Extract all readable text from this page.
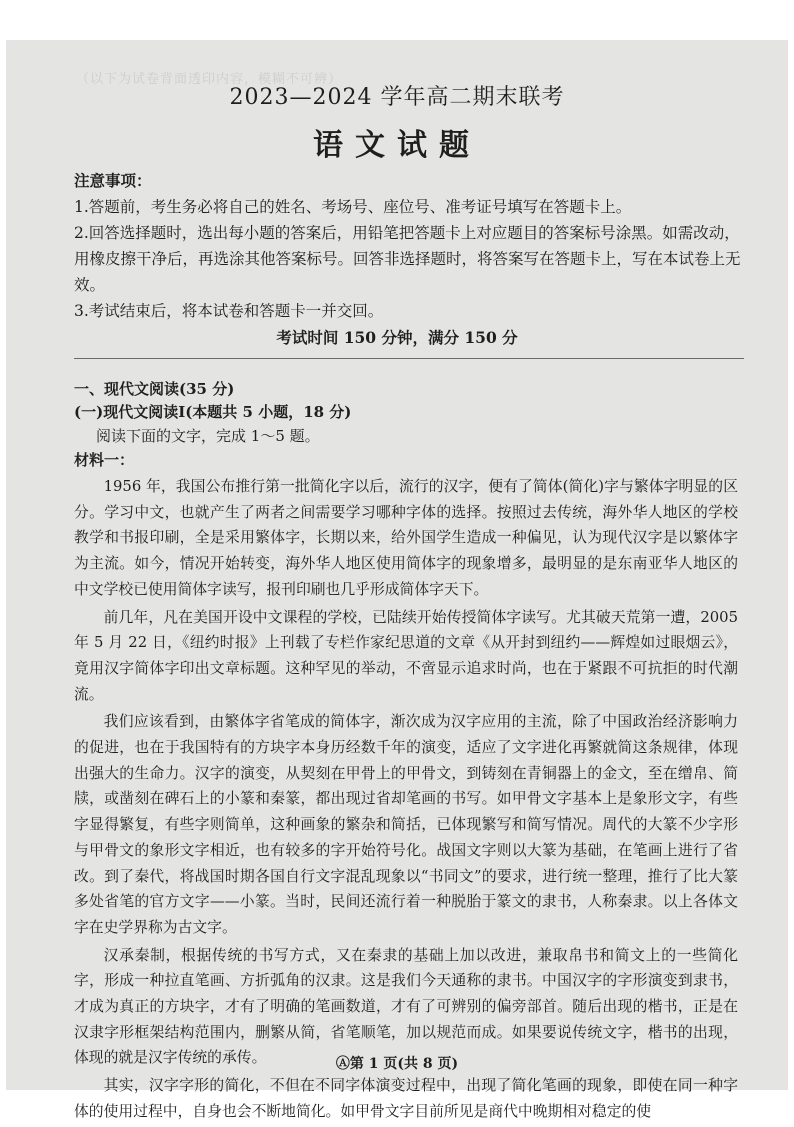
（以下为试卷背面透印内容，模糊不可辨）
2023—2024 学年高二期末联考
语文试题
注意事项：

1.答题前，考生务必将自己的姓名、考场号、座位号、准考证号填写在答题卡上。

2.回答选择题时，选出每小题的答案后，用铅笔把答题卡上对应题目的答案标号涂黑。如需改动，用橡皮擦干净后，再选涂其他答案标号。回答非选择题时，将答案写在答题卡上，写在本试卷上无效。

3.考试结束后，将本试卷和答题卡一并交回。

考试时间 150 分钟，满分 150 分
一、现代文阅读(35 分)
(一)现代文阅读Ⅰ(本题共 5 小题，18 分)
阅读下面的文字，完成 1～5 题。
材料一：

1956 年，我国公布推行第一批简化字以后，流行的汉字，便有了简体(简化)字与繁体字明显的区分。学习中文，也就产生了两者之间需要学习哪种字体的选择。按照过去传统，海外华人地区的学校教学和书报印刷，全是采用繁体字，长期以来，给外国学生造成一种偏见，认为现代汉字是以繁体字为主流。如今，情况开始转变，海外华人地区使用简体字的现象增多，最明显的是东南亚华人地区的中文学校已使用简体字读写，报刊印刷也几乎形成简体字天下。

前几年，凡在美国开设中文课程的学校，已陆续开始传授简体字读写。尤其破天荒第一遭，2005 年 5 月 22 日，《纽约时报》上刊载了专栏作家纪思道的文章《从开封到纽约——辉煌如过眼烟云》，竟用汉字简体字印出文章标题。这种罕见的举动，不啻显示追求时尚，也在于紧跟不可抗拒的时代潮流。

我们应该看到，由繁体字省笔成的简体字，渐次成为汉字应用的主流，除了中国政治经济影响力的促进，也在于我国特有的方块字本身历经数千年的演变，适应了文字进化再繁就简这条规律，体现出强大的生命力。汉字的演变，从契刻在甲骨上的甲骨文，到铸刻在青铜器上的金文，至在缯帛、简牍，或凿刻在碑石上的小篆和秦篆，都出现过省却笔画的书写。如甲骨文字基本上是象形文字，有些字显得繁复，有些字则简单，这种画象的繁杂和简括，已体现繁写和简写情况。周代的大篆不少字形与甲骨文的象形文字相近，也有较多的字开始符号化。战国文字则以大篆为基础，在笔画上进行了省改。到了秦代，将战国时期各国自行文字混乱现象以“书同文”的要求，进行统一整理，推行了比大篆多处省笔的官方文字——小篆。当时，民间还流行着一种脱胎于篆文的隶书，人称秦隶。以上各体文字在史学界称为古文字。

汉承秦制，根据传统的书写方式，又在秦隶的基础上加以改进，兼取帛书和简文上的一些简化字，形成一种拉直笔画、方折弧角的汉隶。这是我们今天通称的隶书。中国汉字的字形演变到隶书，才成为真正的方块字，才有了明确的笔画数道，才有了可辨别的偏旁部首。随后出现的楷书，正是在汉隶字形框架结构范围内，删繁从简，省笔顺笔，加以规范而成。如果要说传统文字，楷书的出现，体现的就是汉字传统的承传。

其实，汉字字形的简化，不但在不同字体演变过程中，出现了简化笔画的现象，即使在同一种字体的使用过程中，自身也会不断地简化。如甲骨文字目前所见是商代中晚期相对稳定的使

Ⓐ第 1 页(共 8 页)
